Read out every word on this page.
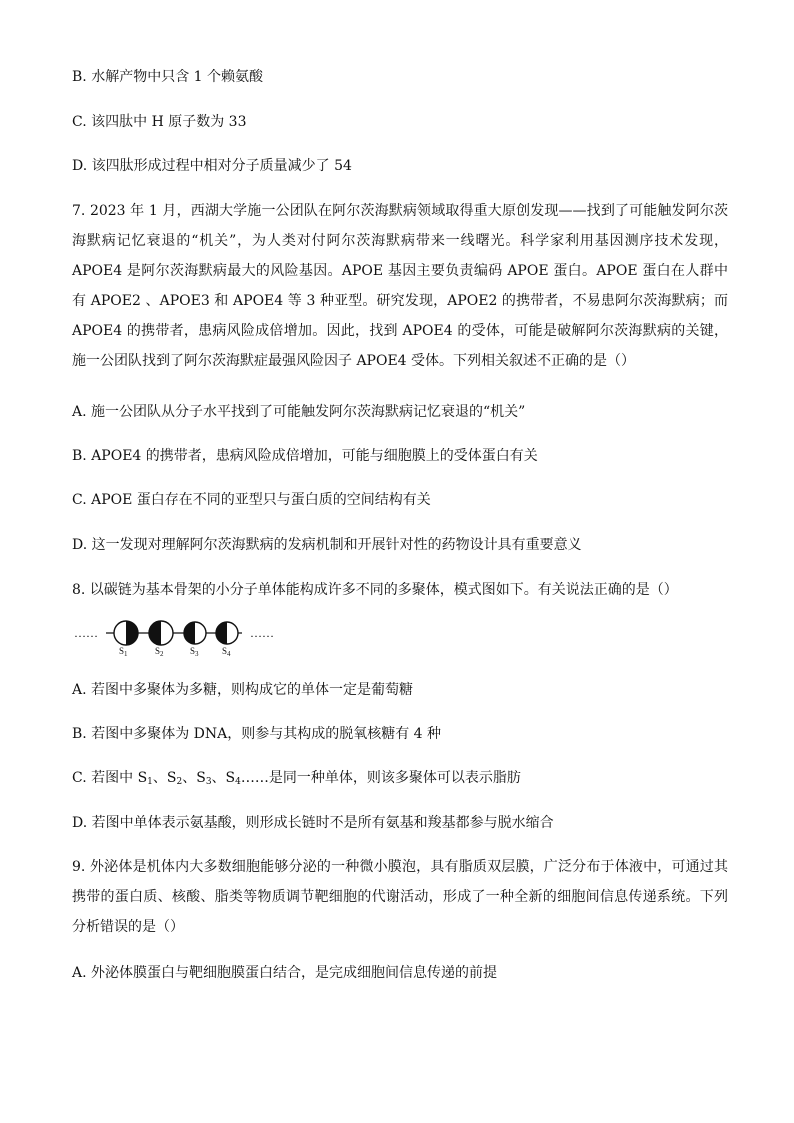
B. 水解产物中只含 1 个赖氨酸
C. 该四肽中 H 原子数为 33
D. 该四肽形成过程中相对分子质量减少了 54
7. 2023 年 1 月，西湖大学施一公团队在阿尔茨海默病领域取得重大原创发现——找到了可能触发阿尔茨海默病记忆衰退的“机关”，为人类对付阿尔茨海默病带来一线曙光。科学家利用基因测序技术发现，APOE4 是阿尔茨海默病最大的风险基因。APOE 基因主要负责编码 APOE 蛋白。APOE 蛋白在人群中有 APOE2 、APOE3 和 APOE4 等 3 种亚型。研究发现，APOE2 的携带者，不易患阿尔茨海默病；而 APOE4 的携带者，患病风险成倍增加。因此，找到 APOE4 的受体，可能是破解阿尔茨海默病的关键，施一公团队找到了阿尔茨海默症最强风险因子 APOE4 受体。下列相关叙述不正确的是（）
A. 施一公团队从分子水平找到了可能触发阿尔茨海默病记忆衰退的“机关”
B. APOE4 的携带者，患病风险成倍增加，可能与细胞膜上的受体蛋白有关
C. APOE 蛋白存在不同的亚型只与蛋白质的空间结构有关
D. 这一发现对理解阿尔茨海默病的发病机制和开展针对性的药物设计具有重要意义
8. 以碳链为基本骨架的小分子单体能构成许多不同的多聚体，模式图如下。有关说法正确的是（）
……	……
$S_1$	$S_2$	$S_3$	$S_4$
A. 若图中多聚体为多糖，则构成它的单体一定是葡萄糖
B. 若图中多聚体为 DNA，则参与其构成的脱氧核糖有 4 种
C. 若图中 $S_1$、$S_2$、$S_3$、$S_4\dots\dots$是同一种单体，则该多聚体可以表示脂肪
D. 若图中单体表示氨基酸，则形成长链时不是所有氨基和羧基都参与脱水缩合
9. 外泌体是机体内大多数细胞能够分泌的一种微小膜泡，具有脂质双层膜，广泛分布于体液中，可通过其携带的蛋白质、核酸、脂类等物质调节靶细胞的代谢活动，形成了一种全新的细胞间信息传递系统。下列分析错误的是（）
A. 外泌体膜蛋白与靶细胞膜蛋白结合，是完成细胞间信息传递的前提
